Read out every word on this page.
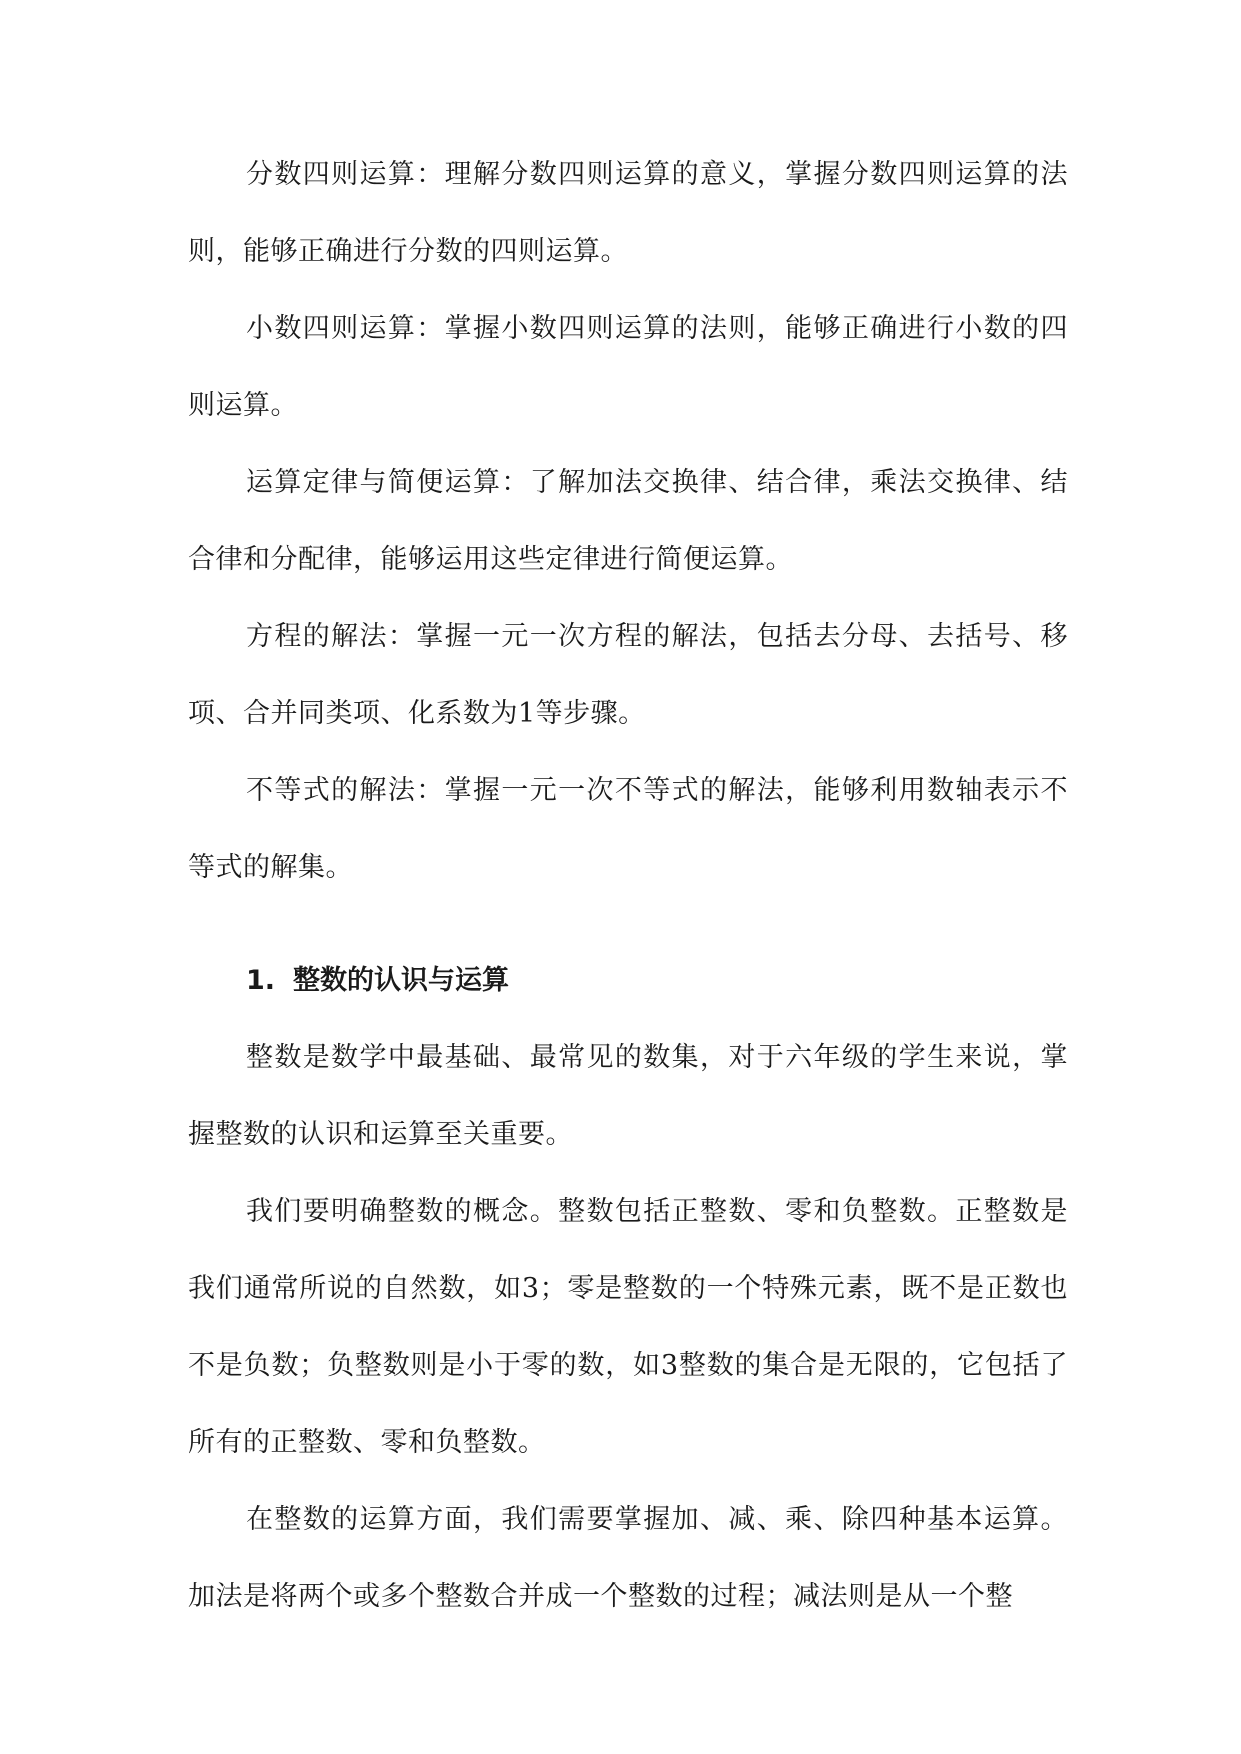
分数四则运算：理解分数四则运算的意义，掌握分数四则运算的法则，能够正确进行分数的四则运算。

小数四则运算：掌握小数四则运算的法则，能够正确进行小数的四则运算。

运算定律与简便运算：了解加法交换律、结合律，乘法交换律、结合律和分配律，能够运用这些定律进行简便运算。

方程的解法：掌握一元一次方程的解法，包括去分母、去括号、移项、合并同类项、化系数为1等步骤。

不等式的解法：掌握一元一次不等式的解法，能够利用数轴表示不等式的解集。

1. 整数的认识与运算

整数是数学中最基础、最常见的数集，对于六年级的学生来说，掌握整数的认识和运算至关重要。

我们要明确整数的概念。整数包括正整数、零和负整数。正整数是我们通常所说的自然数，如3；零是整数的一个特殊元素，既不是正数也不是负数；负整数则是小于零的数，如3整数的集合是无限的，它包括了所有的正整数、零和负整数。

在整数的运算方面，我们需要掌握加、减、乘、除四种基本运算。加法是将两个或多个整数合并成一个整数的过程；减法则是从一个整
